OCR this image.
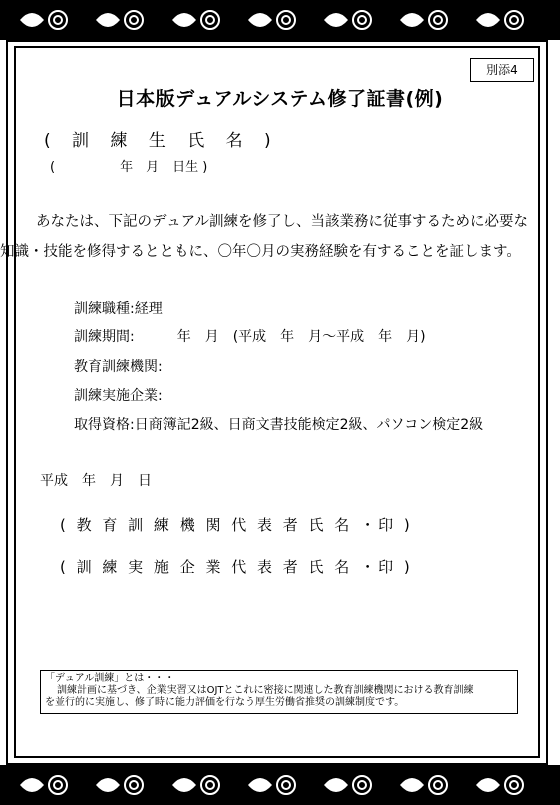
別添4
日本版デュアルシステム修了証書(例)
( 訓 練 生 氏 名 )
(　　　　　年　月　日生 )
あなたは、下記のデュアル訓練を修了し、当該業務に従事するために必要な
知識・技能を修得するとともに、〇年〇月の実務経験を有することを証します。
訓練職種:経理
訓練期間:　　　年　月　(平成　年　月〜平成　年　月)
教育訓練機関:
訓練実施企業:
取得資格:日商簿記2級、日商文書技能検定2級、パソコン検定2級
平成　年　月　日
( 教 育 訓 練 機 関 代 表 者 氏 名 ・印 )
( 訓 練 実 施 企 業 代 表 者 氏 名 ・印 )
「デュアル訓練」とは・・・
訓練計画に基づき、企業実習又はOJTとこれに密接に関連した教育訓練機関における教育訓練
を並行的に実施し、修了時に能力評価を行なう厚生労働省推奨の訓練制度です。
